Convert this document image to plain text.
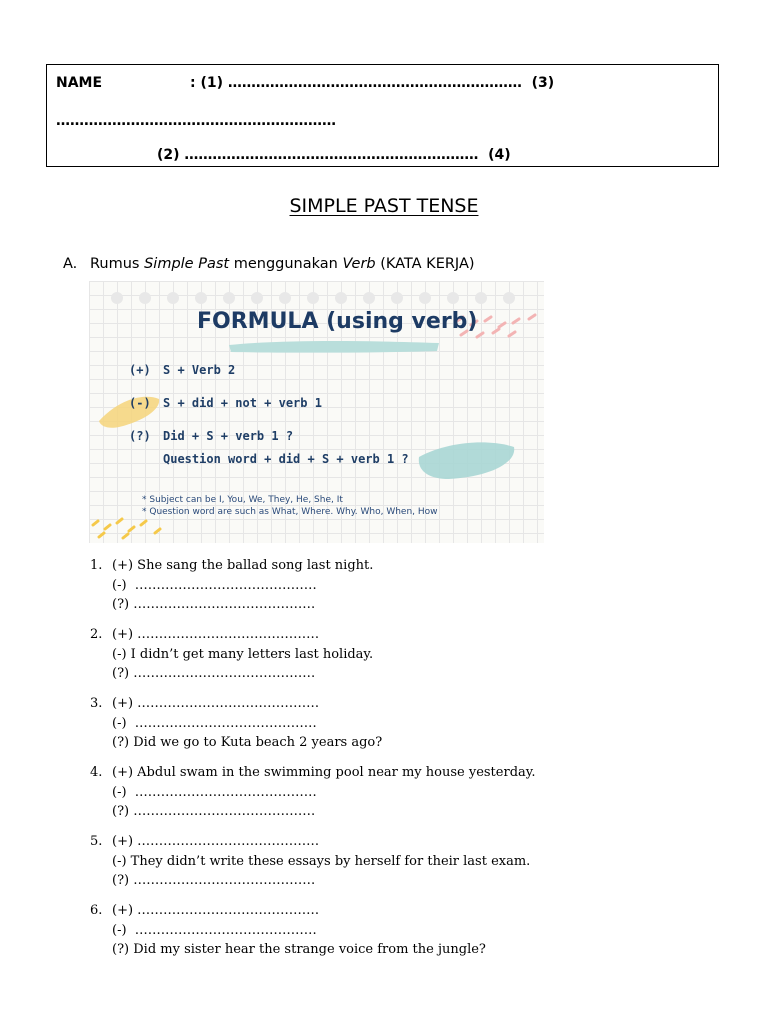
NAME	: (1) ………………………………………………………  (3)
……………………………………………………
(2) ………………………………………………………  (4)
SIMPLE PAST TENSE
A. Rumus Simple Past menggunakan Verb (KATA KERJA)
FORMULA (using verb)
(+) S + Verb 2
(-) S + did + not + verb 1
(?) Did + S + verb 1 ?
Question word + did + S + verb 1 ?
* Subject can be I, You, We, They, He, She, It
* Question word are such as What, Where. Why. Who, When, How
1. (+) She sang the ballad song last night.
(-)  ……………………………………
(?) ……………………………………
2. (+) ……………………………………
(-) I didn’t get many letters last holiday.
(?) ……………………………………
3. (+) ……………………………………
(-)  ……………………………………
(?) Did we go to Kuta beach 2 years ago?
4. (+) Abdul swam in the swimming pool near my house yesterday.
(-)  ……………………………………
(?) ……………………………………
5. (+) ……………………………………
(-) They didn’t write these essays by herself for their last exam.
(?) ……………………………………
6. (+) ……………………………………
(-)  ……………………………………
(?) Did my sister hear the strange voice from the jungle?
